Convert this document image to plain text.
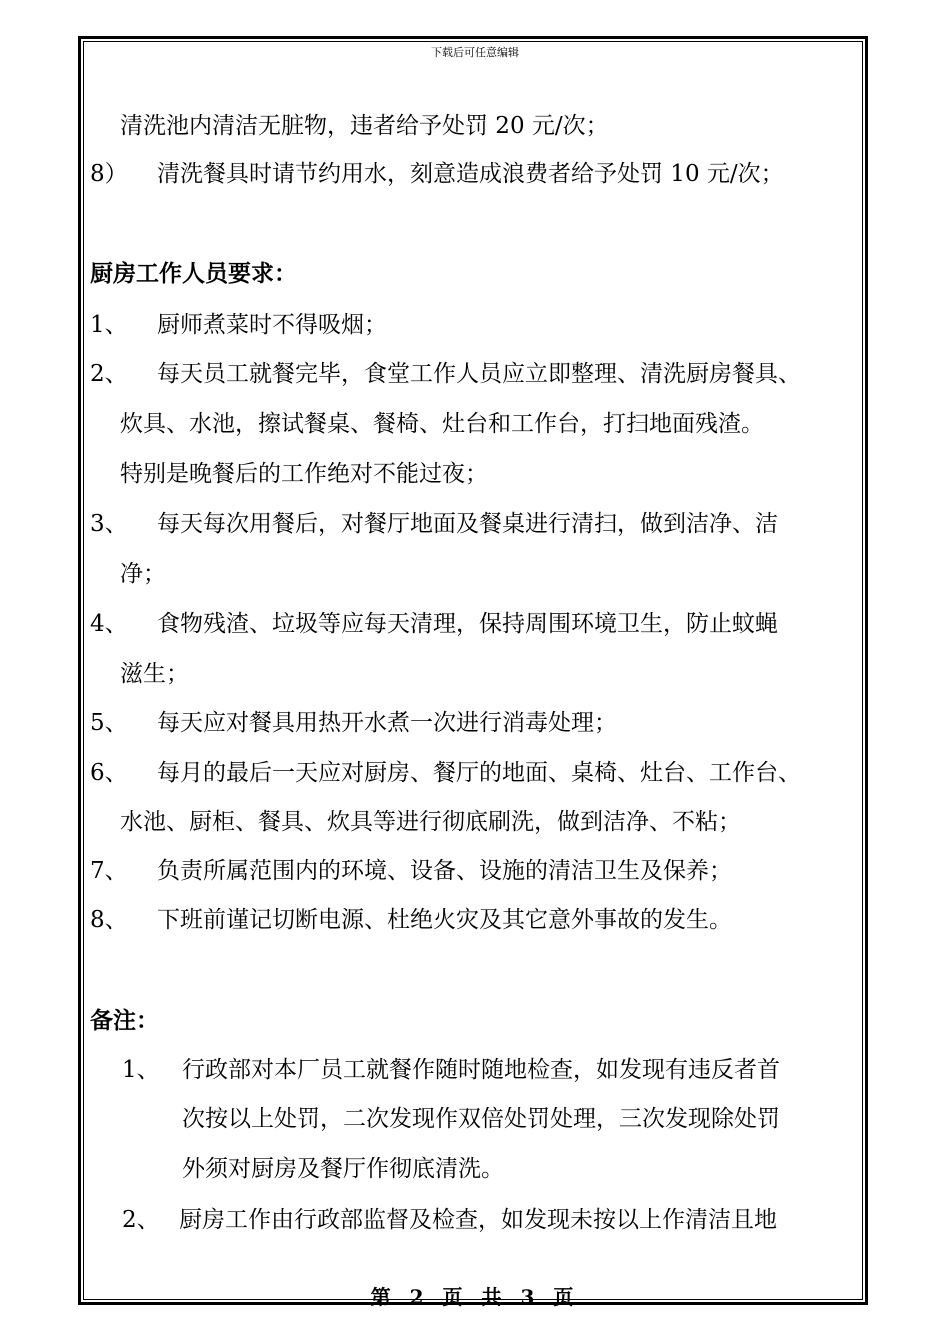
下载后可任意编辑
清洗池内清洁无脏物，违者给予处罚 20 元/次；
8） 清洗餐具时请节约用水，刻意造成浪费者给予处罚 10 元/次；
厨房工作人员要求：
1、 厨师煮菜时不得吸烟；
2、 每天员工就餐完毕，食堂工作人员应立即整理、清洗厨房餐具、
炊具、水池，擦试餐桌、餐椅、灶台和工作台，打扫地面残渣。
特别是晚餐后的工作绝对不能过夜；
3、 每天每次用餐后，对餐厅地面及餐桌进行清扫，做到洁净、洁
净；
4、 食物残渣、垃圾等应每天清理，保持周围环境卫生，防止蚊蝇
滋生；
5、 每天应对餐具用热开水煮一次进行消毒处理；
6、 每月的最后一天应对厨房、餐厅的地面、桌椅、灶台、工作台、
水池、厨柜、餐具、炊具等进行彻底刷洗，做到洁净、不粘；
7、 负责所属范围内的环境、设备、设施的清洁卫生及保养；
8、 下班前谨记切断电源、杜绝火灾及其它意外事故的发生。
备注：
1、 行政部对本厂员工就餐作随时随地检查，如发现有违反者首
次按以上处罚，二次发现作双倍处罚处理，三次发现除处罚
外须对厨房及餐厅作彻底清洗。
2、 厨房工作由行政部监督及检查，如发现未按以上作清洁且地
第 2 页 共 3 页
